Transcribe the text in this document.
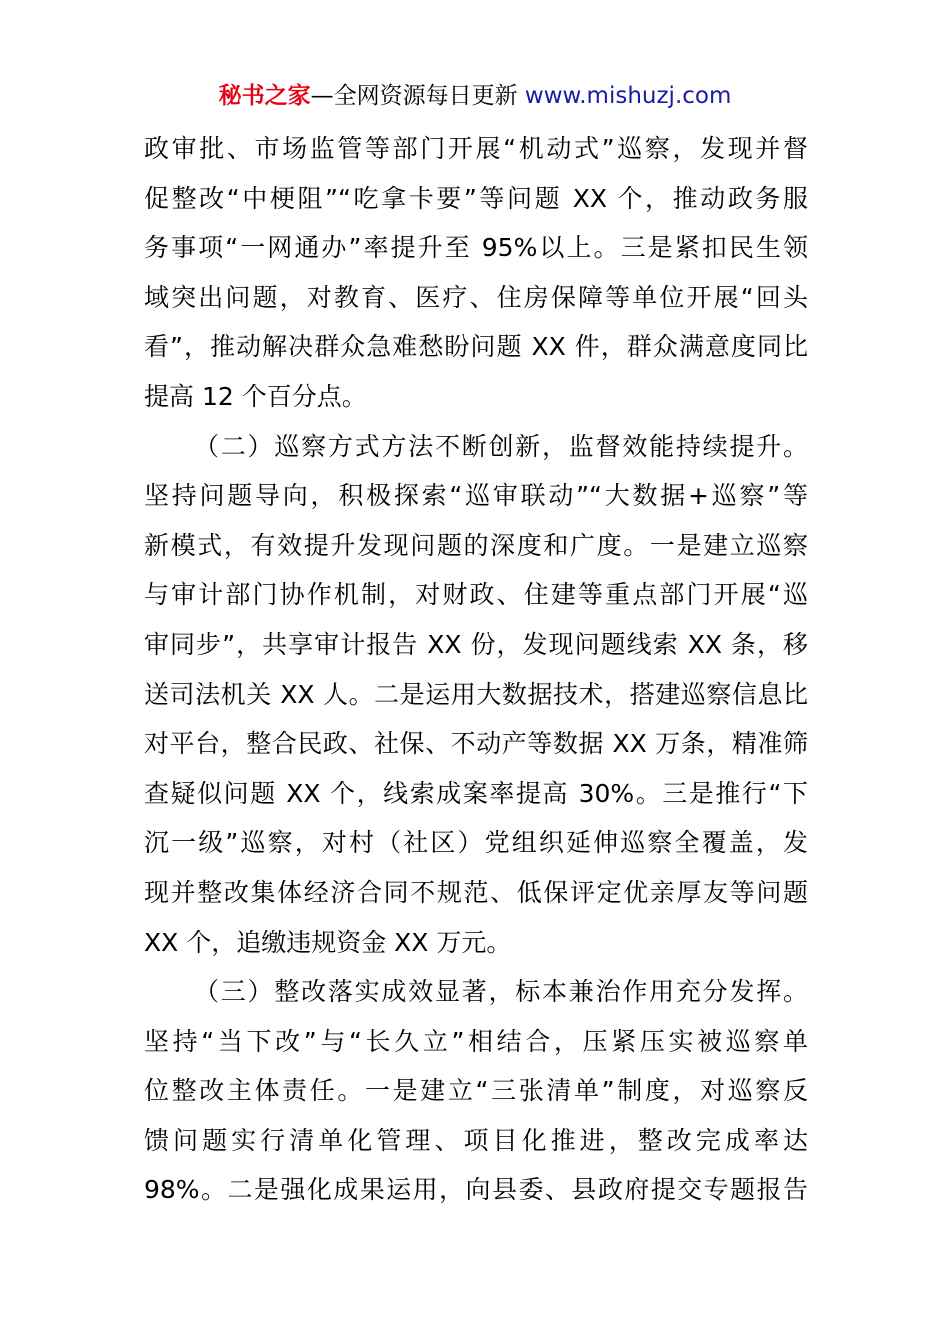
秘书之家—全网资源每日更新 www.mishuzj.com
政审批、市场监管等部门开展“机动式”巡察，发现并督
促整改“中梗阻”“吃拿卡要”等问题 XX 个，推动政务服
务事项“一网通办”率提升至 95%以上。三是紧扣民生领
域突出问题，对教育、医疗、住房保障等单位开展“回头
看”，推动解决群众急难愁盼问题 XX 件，群众满意度同比
提高 12 个百分点。
（二）巡察方式方法不断创新，监督效能持续提升。
坚持问题导向，积极探索“巡审联动”“大数据+巡察”等
新模式，有效提升发现问题的深度和广度。一是建立巡察
与审计部门协作机制，对财政、住建等重点部门开展“巡
审同步”，共享审计报告 XX 份，发现问题线索 XX 条，移
送司法机关 XX 人。二是运用大数据技术，搭建巡察信息比
对平台，整合民政、社保、不动产等数据 XX 万条，精准筛
查疑似问题 XX 个，线索成案率提高 30%。三是推行“下
沉一级”巡察，对村（社区）党组织延伸巡察全覆盖，发
现并整改集体经济合同不规范、低保评定优亲厚友等问题
XX 个，追缴违规资金 XX 万元。
（三）整改落实成效显著，标本兼治作用充分发挥。
坚持“当下改”与“长久立”相结合，压紧压实被巡察单
位整改主体责任。一是建立“三张清单”制度，对巡察反
馈问题实行清单化管理、项目化推进，整改完成率达
98%。二是强化成果运用，向县委、县政府提交专题报告
